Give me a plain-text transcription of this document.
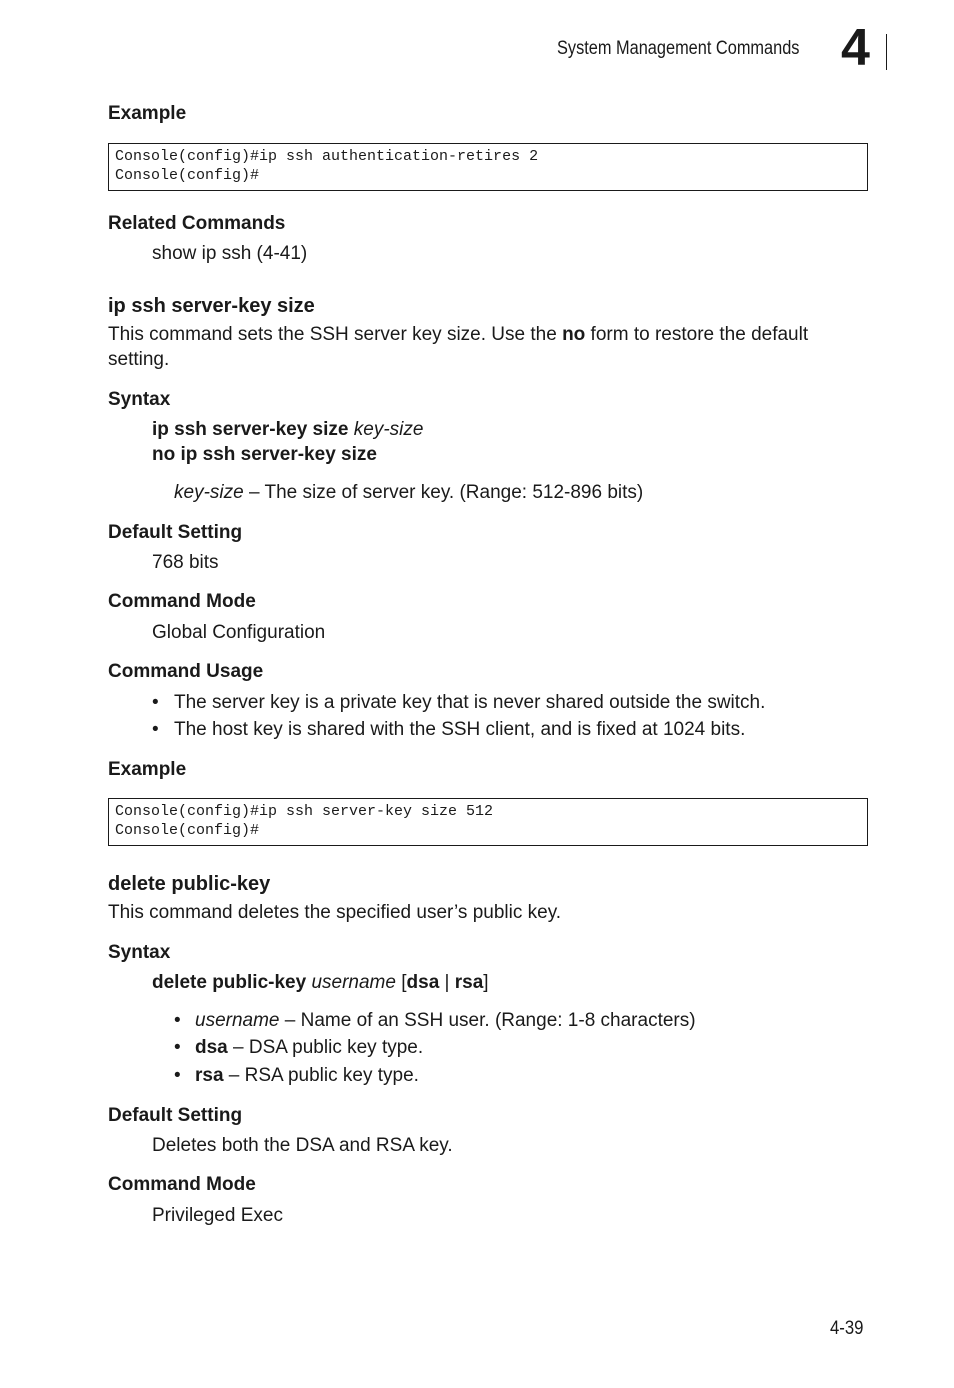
System Management Commands 4
Example
Console(config)#ip ssh authentication-retires 2
Console(config)#
Related Commands
show ip ssh (4-41)
ip ssh server-key size
This command sets the SSH server key size. Use the no form to restore the default
setting.
Syntax
ip ssh server-key size key-size
no ip ssh server-key size
key-size – The size of server key. (Range: 512-896 bits)
Default Setting
768 bits
Command Mode
Global Configuration
Command Usage
• The server key is a private key that is never shared outside the switch.
• The host key is shared with the SSH client, and is fixed at 1024 bits.
Example
Console(config)#ip ssh server-key size 512
Console(config)#
delete public-key
This command deletes the specified user’s public key.
Syntax
delete public-key username [dsa | rsa]
• username – Name of an SSH user. (Range: 1-8 characters)
• dsa – DSA public key type.
• rsa – RSA public key type.
Default Setting
Deletes both the DSA and RSA key.
Command Mode
Privileged Exec
4-39
